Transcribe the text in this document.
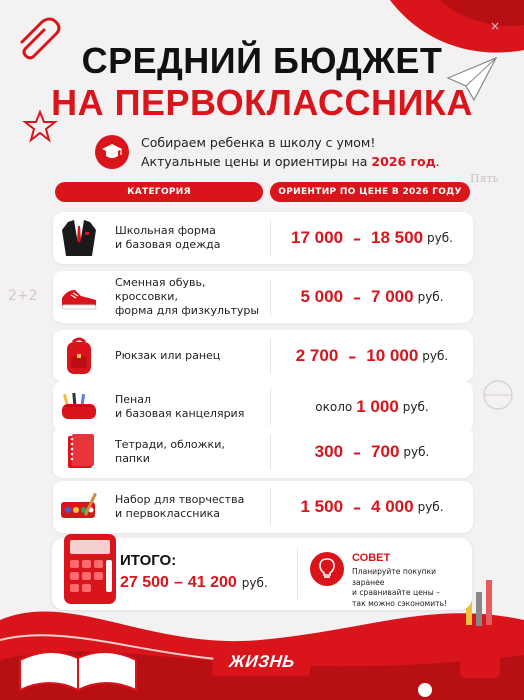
Пять
2+2
×
СРЕДНИЙ БЮДЖЕТ
НА ПЕРВОКЛАССНИКА
Собираем ребенка в школу с умом!
Актуальные цены и ориентиры на 2026 год.
КАТЕГОРИЯ	ОРИЕНТИР ПО ЦЕНЕ В 2026 ГОДУ
Школьная форма
и базовая одежда	17 000 – 18 500 руб.
Сменная обувь,
кроссовки,
форма для физкультуры
5 000 – 7 000 руб.
Рюкзак или ранец	2 700 – 10 000 руб.
Пенал
и базовая канцелярия	около 1 000 руб.
Тетради, обложки,
папки	300 – 700 руб.
Набор для творчества
и первоклассника	1 500 – 4 000 руб.
ИТОГО:
27 500 – 41 200 руб.
СОВЕТ
Планируйте покупки заранее
и сравнивайте цены –
так можно сэкономить!
ЖИЗНЬ
